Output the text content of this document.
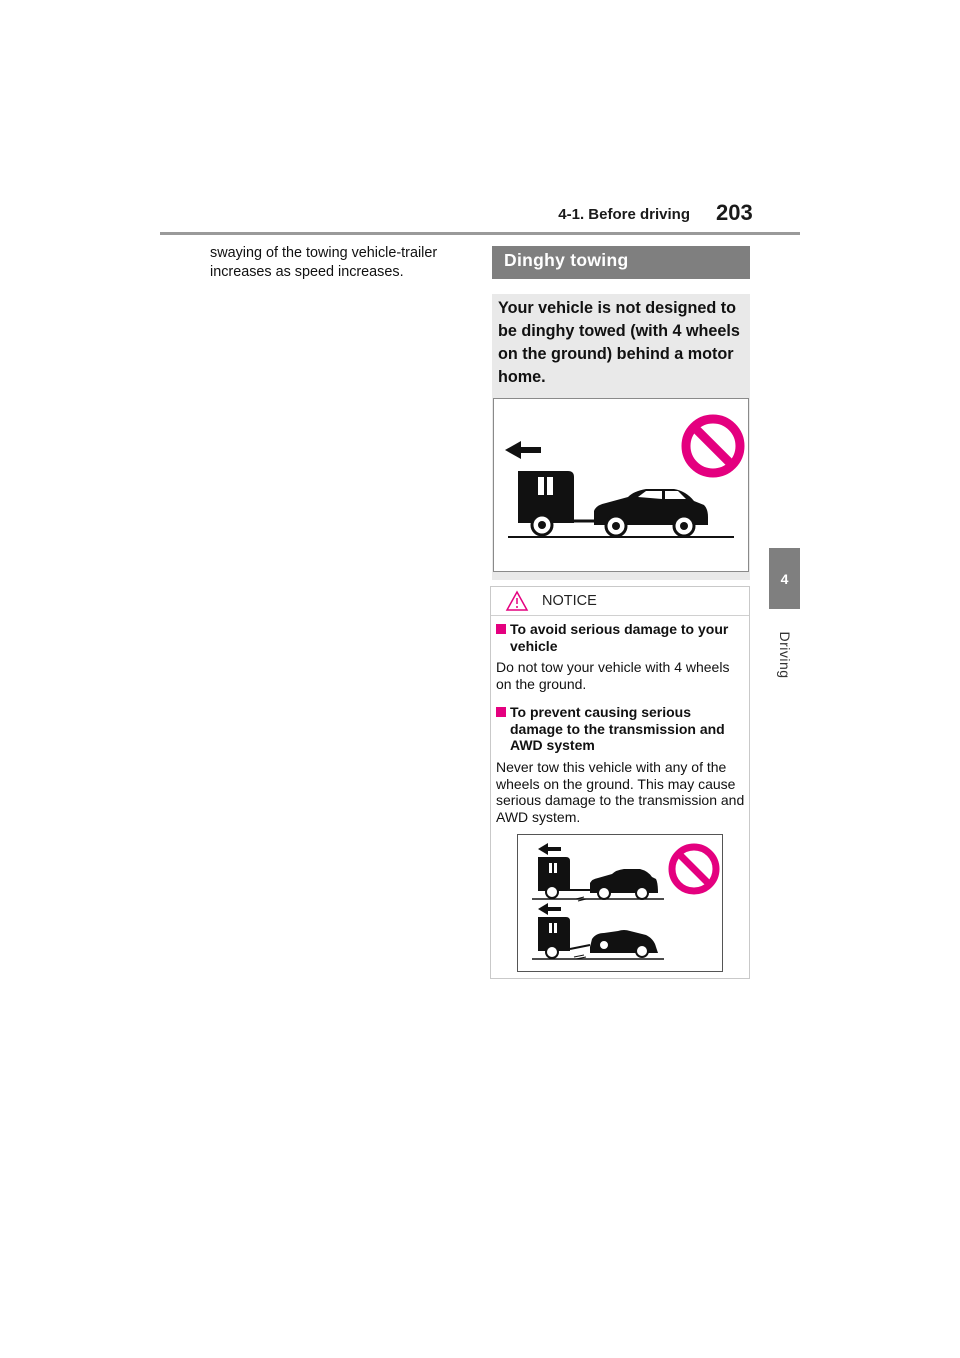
4-1. Before driving 203
4
Driving
swaying of the towing vehicle-trailer increases as speed increases.
Dinghy towing
Your vehicle is not designed to be dinghy towed (with 4 wheels on the ground) behind a motor home.
NOTICE
To avoid serious damage to your vehicle
Do not tow your vehicle with 4 wheels on the ground.
To prevent causing serious damage to the transmission and AWD system
Never tow this vehicle with any of the wheels on the ground. This may cause serious damage to the transmission and AWD system.
